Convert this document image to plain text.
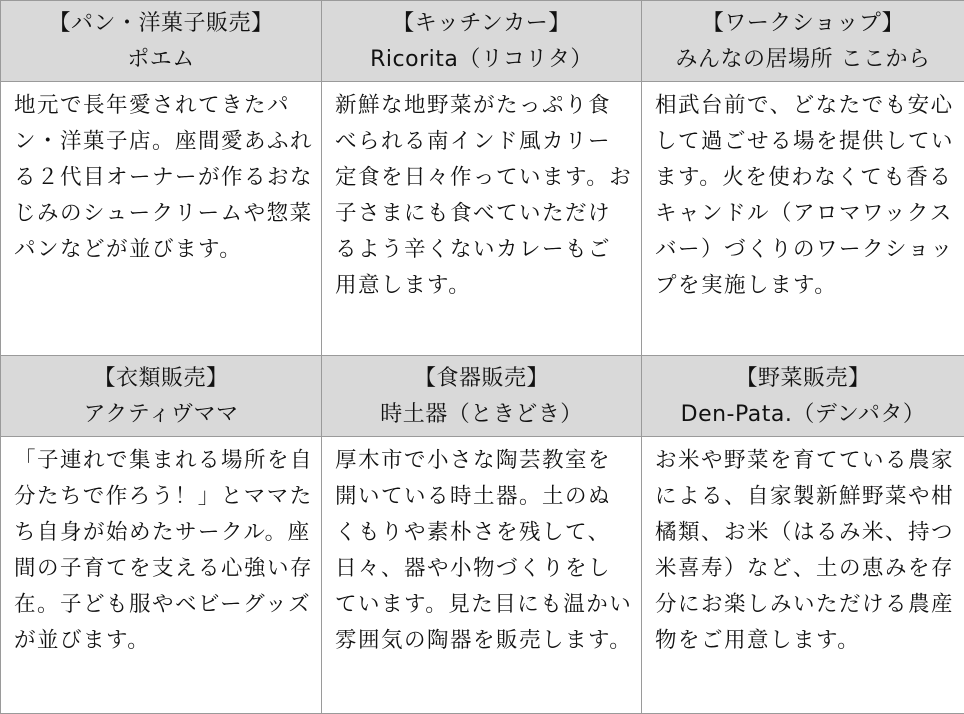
【パン・洋菓子販売】
ポエム
【キッチンカー】
Ricorita（リコリタ）
【ワークショップ】
みんなの居場所 ここから
地元で長年愛されてきたパン・洋菓子店。座間愛あふれる２代目オーナーが作るおなじみのシュークリームや惣菜パンなどが並びます。
新鮮な地野菜がたっぷり食べられる南インド風カリー定食を日々作っています。お子さまにも食べていただけるよう辛くないカレーもご用意します。
相武台前で、どなたでも安心して過ごせる場を提供しています。火を使わなくても香るキャンドル（アロマワックスバー）づくりのワークショップを実施します。
【衣類販売】
アクティヴママ
【食器販売】
時土器（ときどき）
【野菜販売】
Den-Pata.（デンパタ）
「子連れで集まれる場所を自分たちで作ろう！」とママたち自身が始めたサークル。座間の子育てを支える心強い存在。子ども服やベビーグッズが並びます。
厚木市で小さな陶芸教室を開いている時土器。土のぬくもりや素朴さを残して、日々、器や小物づくりをしています。見た目にも温かい雰囲気の陶器を販売します。
お米や野菜を育てている農家による、自家製新鮮野菜や柑橘類、お米（はるみ米、持つ米喜寿）など、土の恵みを存分にお楽しみいただける農産物をご用意します。
